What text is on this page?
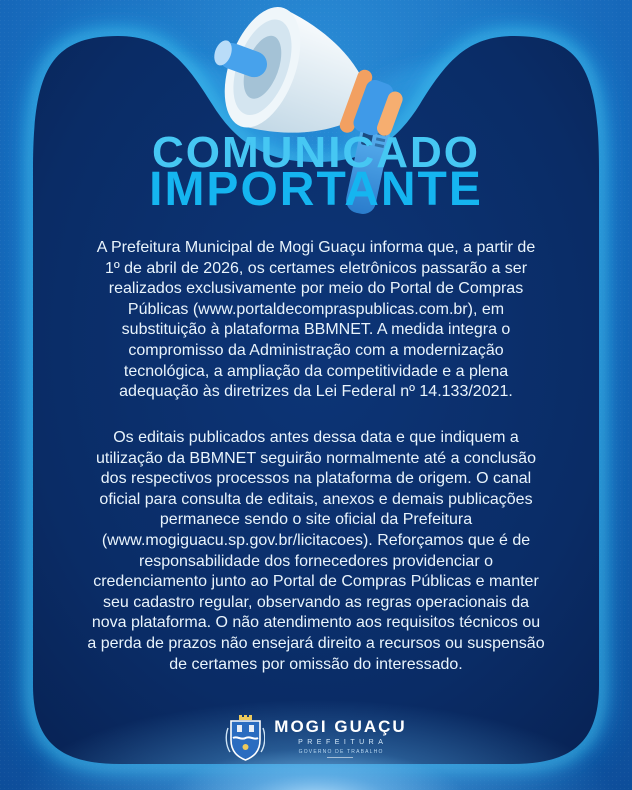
COMUNICADO
IMPORTANTE
A Prefeitura Municipal de Mogi Guaçu informa que, a partir de
1º de abril de 2026, os certames eletrônicos passarão a ser
realizados exclusivamente por meio do Portal de Compras
Públicas (www.portaldecompraspublicas.com.br), em
substituição à plataforma BBMNET. A medida integra o
compromisso da Administração com a modernização
tecnológica, a ampliação da competitividade e a plena
adequação às diretrizes da Lei Federal nº 14.133/2021.
Os editais publicados antes dessa data e que indiquem a
utilização da BBMNET seguirão normalmente até a conclusão
dos respectivos processos na plataforma de origem. O canal
oficial para consulta de editais, anexos e demais publicações
permanece sendo o site oficial da Prefeitura
(www.mogiguacu.sp.gov.br/licitacoes). Reforçamos que é de
responsabilidade dos fornecedores providenciar o
credenciamento junto ao Portal de Compras Públicas e manter
seu cadastro regular, observando as regras operacionais da
nova plataforma. O não atendimento aos requisitos técnicos ou
a perda de prazos não ensejará direito a recursos ou suspensão
de certames por omissão do interessado.
MOGI GUAÇU
PREFEITURA
GOVERNO DE TRABALHO
